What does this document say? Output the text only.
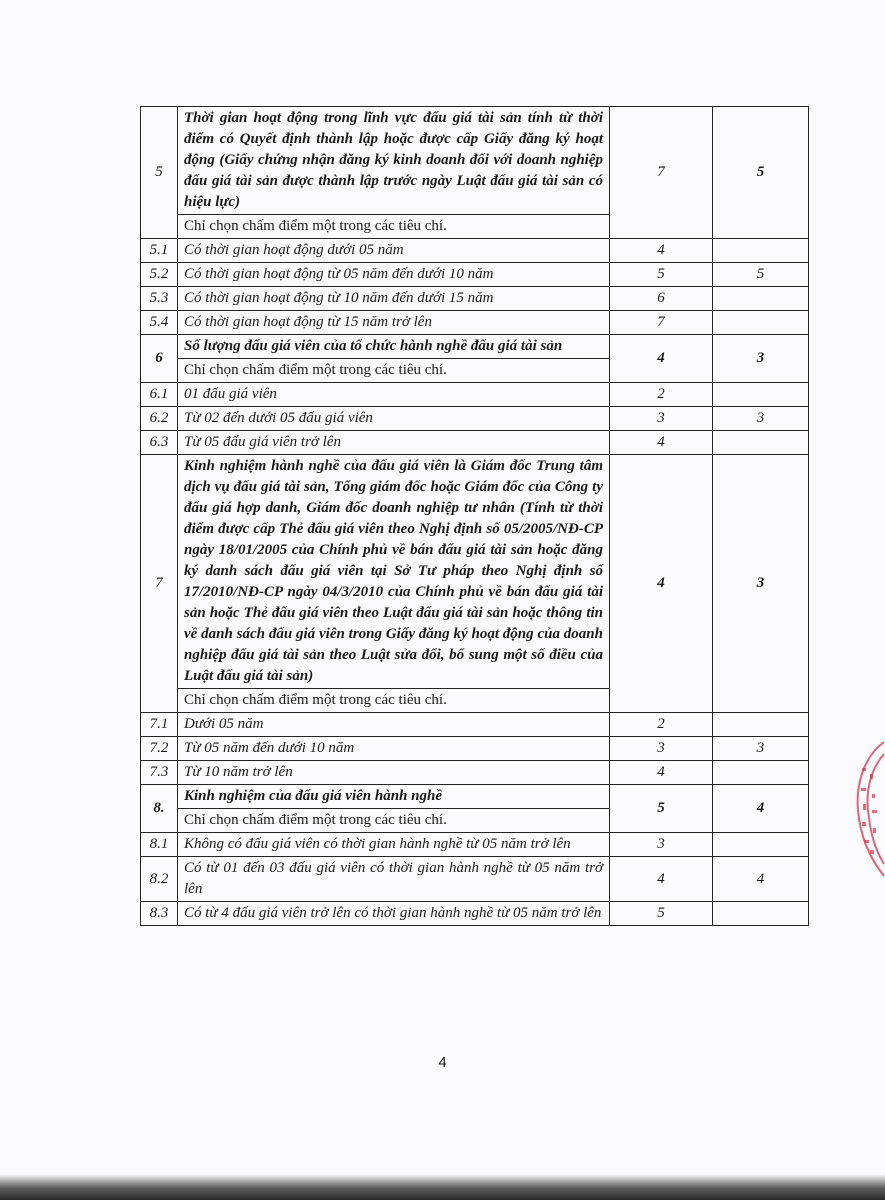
5	Thời gian hoạt động trong lĩnh vực đấu giá tài sản tính từ thời điểm có Quyết định thành lập hoặc được cấp Giấy đăng ký hoạt động (Giấy chứng nhận đăng ký kinh doanh đối với doanh nghiệp đấu giá tài sản được thành lập trước ngày Luật đấu giá tài sản có hiệu lực)	7	5
	Chỉ chọn chấm điểm một trong các tiêu chí.		
5.1	Có thời gian hoạt động dưới 05 năm	4	
5.2	Có thời gian hoạt động từ 05 năm đến dưới 10 năm	5	5
5.3	Có thời gian hoạt động từ 10 năm đến dưới 15 năm	6	
5.4	Có thời gian hoạt động từ 15 năm trở lên	7	
6	Số lượng đấu giá viên của tổ chức hành nghề đấu giá tài sản	4	3
	Chỉ chọn chấm điểm một trong các tiêu chí.		
6.1	01 đấu giá viên	2	
6.2	Từ 02 đến dưới 05 đấu giá viên	3	3
6.3	Từ 05 đấu giá viên trở lên	4	
7	Kinh nghiệm hành nghề của đấu giá viên là Giám đốc Trung tâm dịch vụ đấu giá tài sản, Tổng giám đốc hoặc Giám đốc của Công ty đấu giá hợp danh, Giám đốc doanh nghiệp tư nhân (Tính từ thời điểm được cấp Thẻ đấu giá viên theo Nghị định số 05/2005/NĐ-CP ngày 18/01/2005 của Chính phủ về bán đấu giá tài sản hoặc đăng ký danh sách đấu giá viên tại Sở Tư pháp theo Nghị định số 17/2010/NĐ-CP ngày 04/3/2010 của Chính phủ về bán đấu giá tài sản hoặc Thẻ đấu giá viên theo Luật đấu giá tài sản hoặc thông tin về danh sách đấu giá viên trong Giấy đăng ký hoạt động của doanh nghiệp đấu giá tài sản theo Luật sửa đổi, bổ sung một số điều của Luật đấu giá tài sản)	4	3
	Chỉ chọn chấm điểm một trong các tiêu chí.		
7.1	Dưới 05 năm	2	
7.2	Từ 05 năm đến dưới 10 năm	3	3
7.3	Từ 10 năm trở lên	4	
8.	Kinh nghiệm của đấu giá viên hành nghề	5	4
	Chỉ chọn chấm điểm một trong các tiêu chí.		
8.1	Không có đấu giá viên có thời gian hành nghề từ 05 năm trở lên	3	
8.2	Có từ 01 đến 03 đấu giá viên có thời gian hành nghề từ 05 năm trở lên	4	4
8.3	Có từ 4 đấu giá viên trở lên có thời gian hành nghề từ 05 năm trở lên	5	
4
